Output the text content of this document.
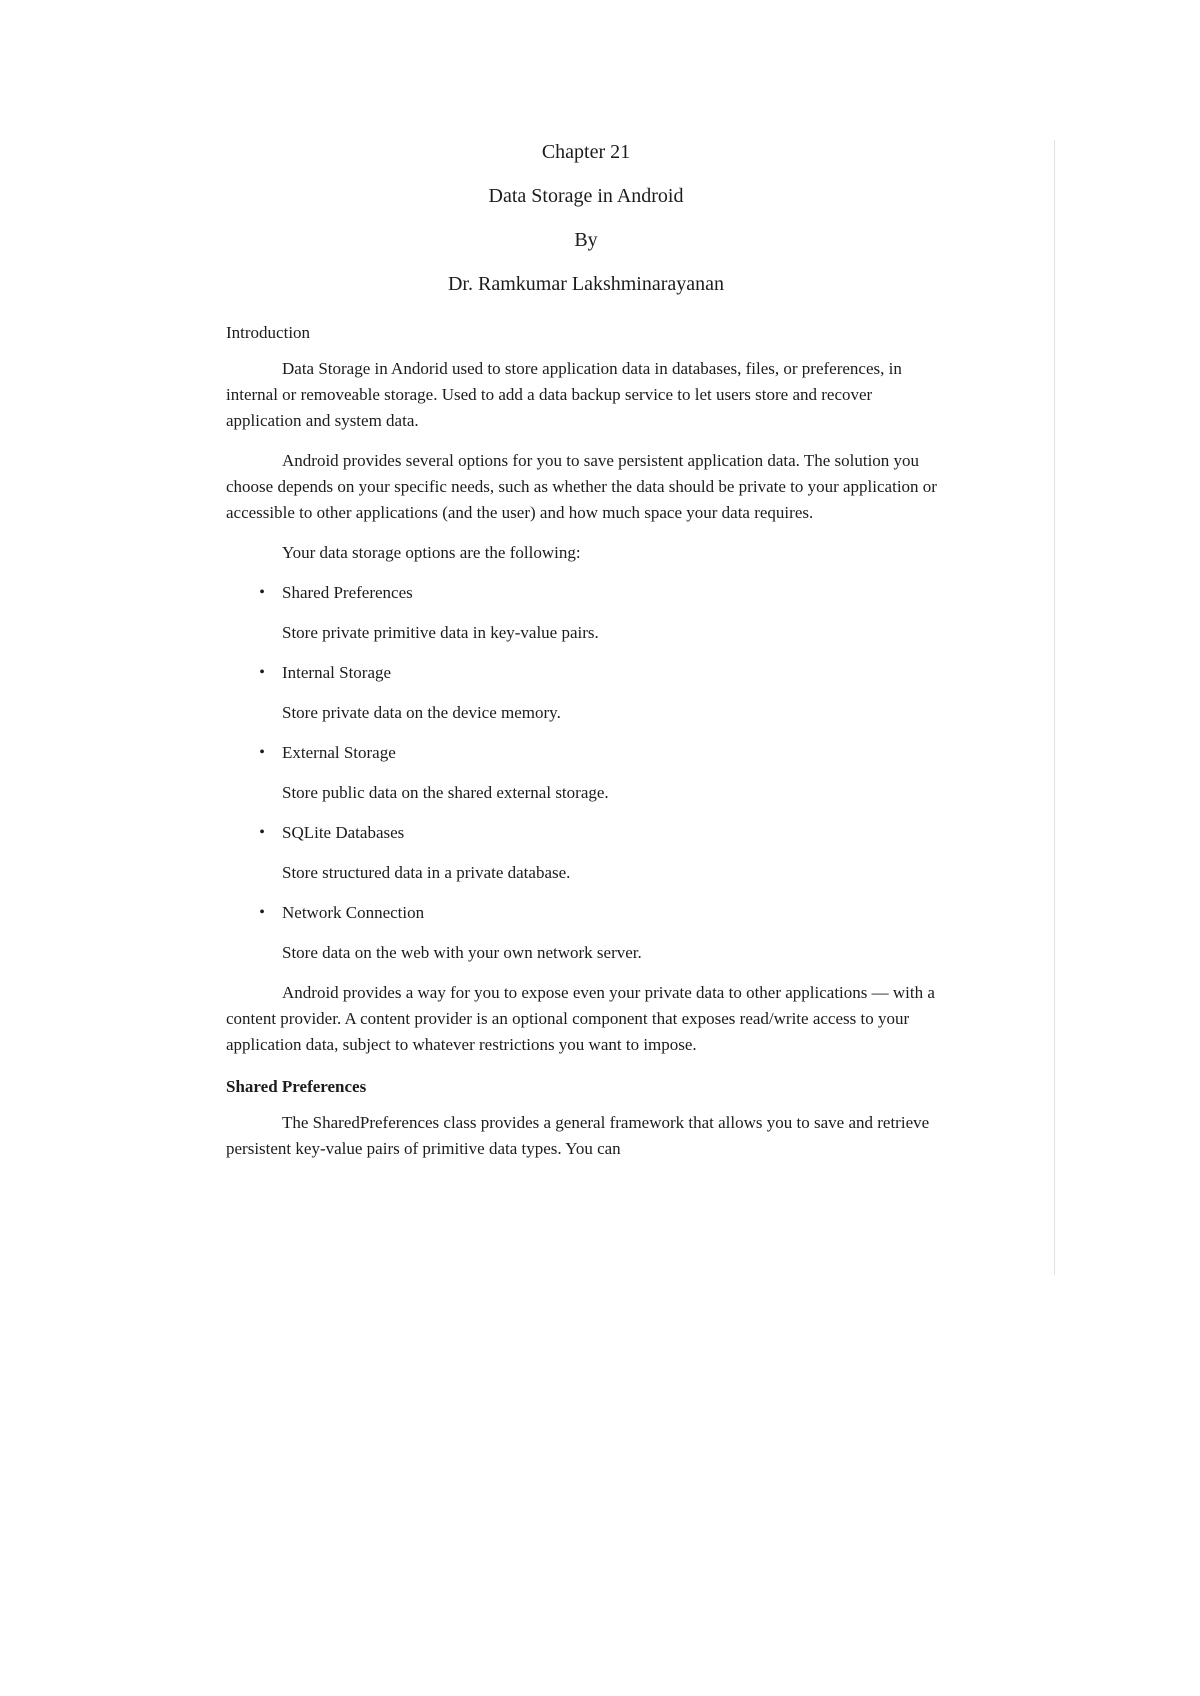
Chapter 21
Data Storage in Android
By
Dr. Ramkumar Lakshminarayanan
Introduction

Data Storage in Andorid used to store application data in databases, files, or preferences, in internal or removeable storage. Used to add a data backup service to let users store and recover application and system data.

Android provides several options for you to save persistent application data. The solution you choose depends on your specific needs, such as whether the data should be private to your application or accessible to other applications (and the user) and how much space your data requires.

Your data storage options are the following:
•	Shared Preferences
Store private primitive data in key-value pairs.
•	Internal Storage
Store private data on the device memory.
•	External Storage
Store public data on the shared external storage.
•	SQLite Databases
Store structured data in a private database.
•	Network Connection
Store data on the web with your own network server.

Android provides a way for you to expose even your private data to other applications — with a content provider. A content provider is an optional component that exposes read/write access to your application data, subject to whatever restrictions you want to impose.

Shared Preferences

The SharedPreferences class provides a general framework that allows you to save and retrieve persistent key-value pairs of primitive data types. You can
